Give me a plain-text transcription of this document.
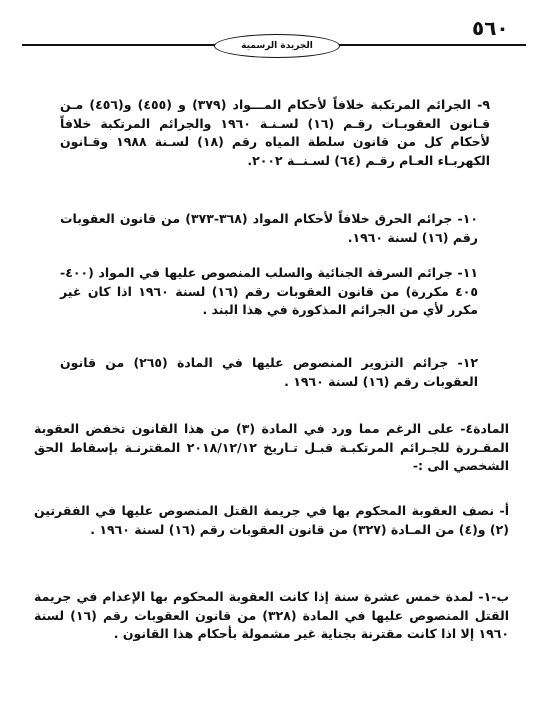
٥٦٠
الجريدة الرسمية
٩- الجرائم المرتكبة خلافاً لأحكام المـــواد (٣٧٩) و (٤٥٥) و(٤٥٦) مـن قـانون العقوبـات رقـم (١٦) لسـنـة ١٩٦٠ والجرائم المرتكبة خلافاً لأحكام كل من قانون سلطة المياه رقم (١٨) لسـنة ١٩٨٨ وقـانون الكهربـاء العـام رقـم (٦٤) لسـنــة ٢٠٠٢.
١٠- جرائم الحرق خلافاً لأحكام المواد (٣٦٨-٣٧٣) من قانون العقوبات رقم (١٦) لسنة ١٩٦٠.
١١- جرائم السرقة الجنائية والسلب المنصوص عليها في المواد (٤٠٠- ٤٠٥ مكررة) من قانون العقوبات رقم (١٦) لسنة ١٩٦٠ اذا كان غير مكرر لأي من الجرائم المذكورة في هذا البند .
١٢- جرائم التزوير المنصوص عليها في المادة (٢٦٥) من قانون العقوبات رقم (١٦) لسنة ١٩٦٠ .
المادة٤- على الرغم مما ورد في المادة (٣) من هذا القانون تخفض العقوبة المقـررة للجـرائم المرتكبـة قبـل تـاريخ ٢٠١٨/١٢/١٢ المقترنـة بإسقاط الحق الشخصي الى :-
أ- نصف العقوبة المحكوم بها في جريمة القتل المنصوص عليها في الفقرتين (٢) و(٤) من المـادة (٣٢٧) من قانون العقوبات رقم (١٦) لسنة ١٩٦٠ .
ب-١- لمدة خمس عشرة سنة إذا كانت العقوبة المحكوم بها الإعدام في جريمة القتل المنصوص عليها في المادة (٣٢٨) من قانون العقوبات رقم (١٦) لسنة ١٩٦٠ إلا اذا كانت مقترنة بجناية غير مشمولة بأحكام هذا القانون .
